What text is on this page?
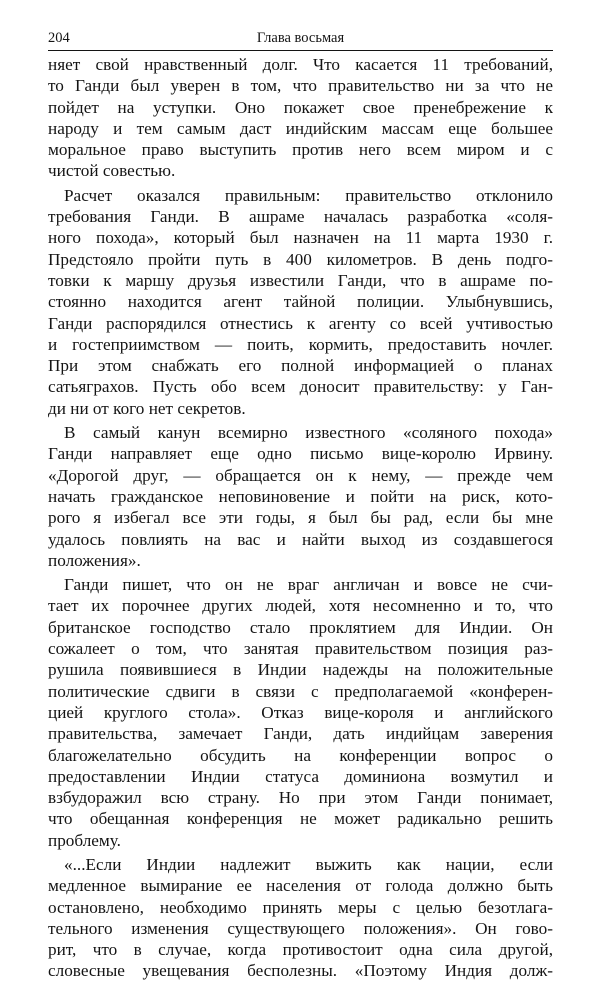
204	Глава восьмая
няет свой нравственный долг. Что касается 11 требований,
то Ганди был уверен в том, что правительство ни за что не
пойдет на уступки. Оно покажет свое пренебрежение к
народу и тем самым даст индийским массам еще большее
моральное право выступить против него всем миром и с
чистой совестью.
Расчет оказался правильным: правительство отклонило
требования Ганди. В ашраме началась разработка «соля-
ного похода», который был назначен на 11 марта 1930 г.
Предстояло пройти путь в 400 километров. В день подго-
товки к маршу друзья известили Ганди, что в ашраме по-
стоянно находится агент тайной полиции. Улыбнувшись,
Ганди распорядился отнестись к агенту со всей учтивостью
и гостеприимством — поить, кормить, предоставить ночлег.
При этом снабжать его полной информацией о планах
сатьяграхов. Пусть обо всем доносит правительству: у Ган-
ди ни от кого нет секретов.
В самый канун всемирно известного «соляного похода»
Ганди направляет еще одно письмо вице-королю Ирвину.
«Дорогой друг, — обращается он к нему, — прежде чем
начать гражданское неповиновение и пойти на риск, кото-
рого я избегал все эти годы, я был бы рад, если бы мне
удалось повлиять на вас и найти выход из создавшегося
положения».
Ганди пишет, что он не враг англичан и вовсе не счи-
тает их порочнее других людей, хотя несомненно и то, что
британское господство стало проклятием для Индии. Он
сожалеет о том, что занятая правительством позиция раз-
рушила появившиеся в Индии надежды на положительные
политические сдвиги в связи с предполагаемой «конферен-
цией круглого стола». Отказ вице-короля и английского
правительства, замечает Ганди, дать индийцам заверения
благожелательно обсудить на конференции вопрос о
предоставлении Индии статуса доминиона возмутил и
взбудоражил всю страну. Но при этом Ганди понимает,
что обещанная конференция не может радикально решить
проблему.
«...Если Индии надлежит выжить как нации, если
медленное вымирание ее населения от голода должно быть
остановлено, необходимо принять меры с целью безотлага-
тельного изменения существующего положения». Он гово-
рит, что в случае, когда противостоит одна сила другой,
словесные увещевания бесполезны. «Поэтому Индия долж-
